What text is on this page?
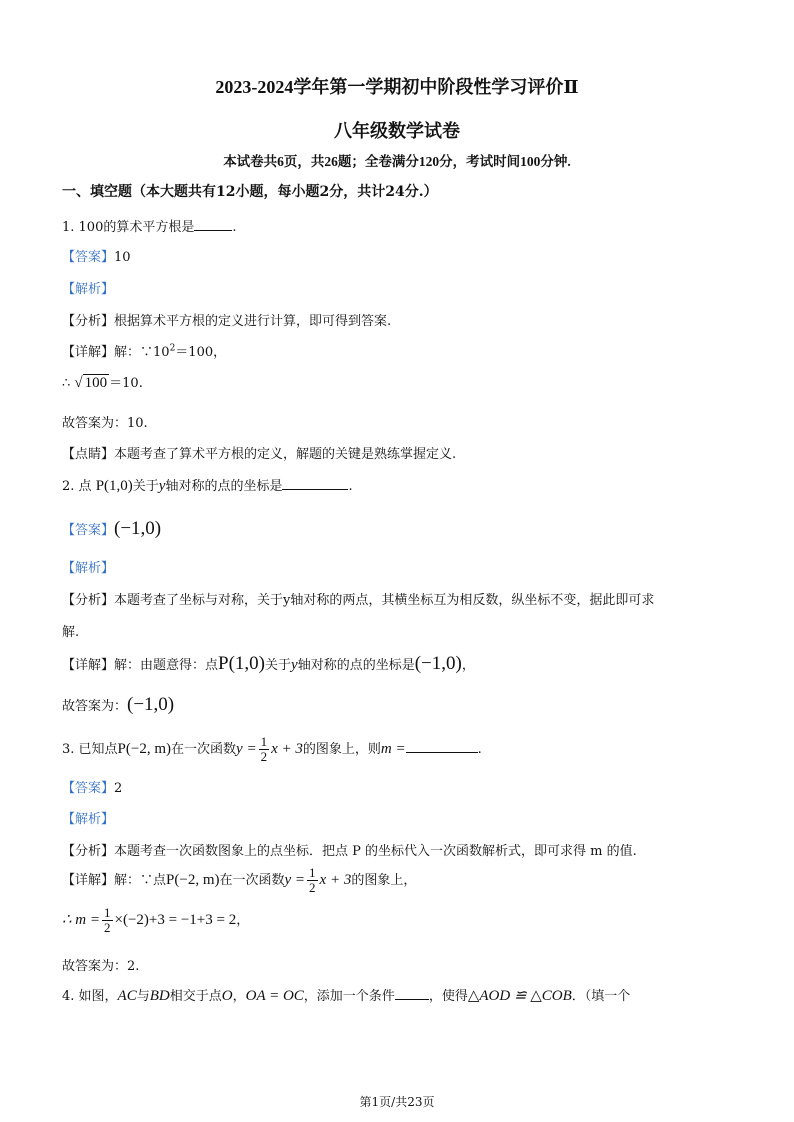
2023-2024学年第一学期初中阶段性学习评价Ⅱ
八年级数学试卷
本试卷共6页，共26题；全卷满分120分，考试时间100分钟.
一、填空题（本大题共有12小题，每小题2分，共计24分.）
1. 100的算术平方根是	.
【答案】10
【解析】
【分析】根据算术平方根的定义进行计算，即可得到答案.
【详解】解：$\because 10^2=100$，
∴ √ 100 ＝10.
故答案为：10.
【点睛】本题考查了算术平方根的定义，解题的关键是熟练掌握定义.
2. 点 P(1,0)关于y轴对称的点的坐标是	.
【答案】(−1,0)
【解析】
【分析】本题考查了坐标与对称，关于y轴对称的两点，其横坐标互为相反数，纵坐标不变，据此即可求
解.
【详解】解：由题意得：点P(1,0)关于y轴对称的点的坐标是(−1,0)，
故答案为：(−1,0)
3. 已知点P(−2, m)在一次函数$y = \frac{1}{2}$ x + 3的图象上，则m =	.
【答案】2
【解析】
【分析】本题考查一次函数图象上的点坐标．把点 P 的坐标代入一次函数解析式，即可求得 m 的值.
【详解】解：∵点P(−2, m)在一次函数$y = \frac{1}{2}$ x + 3的图象上，
∴ $m = \frac{1}{2} \times(-2)+3 = -1+3 = 2$，
故答案为：2.
4. 如图，AC与BD相交于点O，OA = OC，添加一个条件	，使得△AOD ≌ △COB．（填一个
第1页/共23页
